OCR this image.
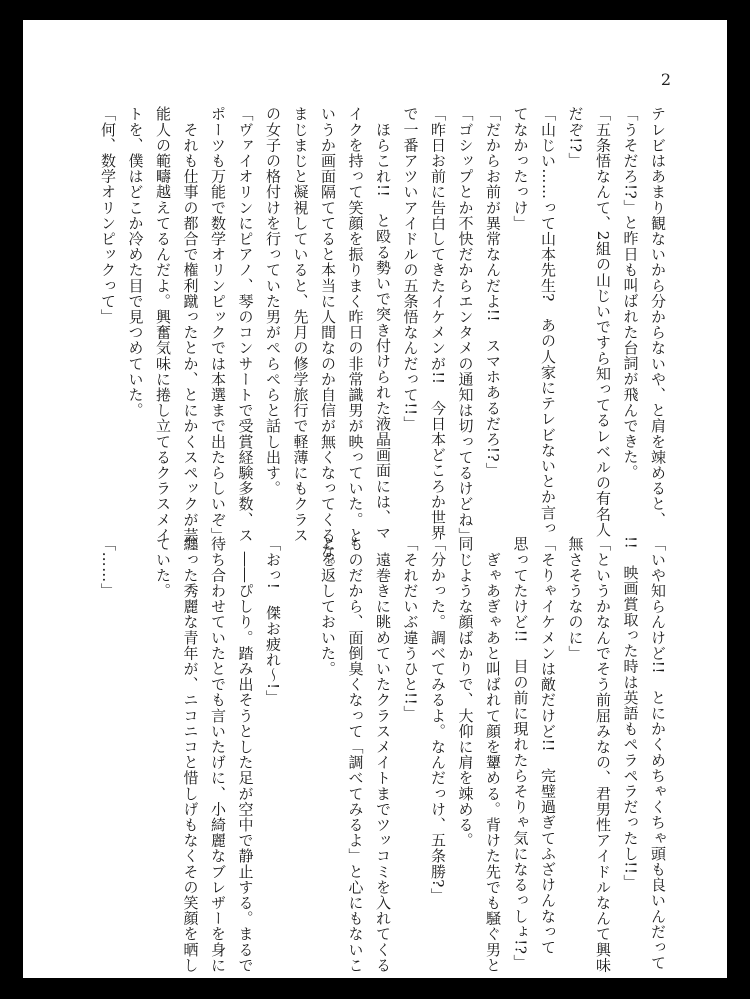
2
テレビはあまり観ないから分からないや、と肩を竦めると、
「うそだろ!?」と昨日も叫ばれた台詞が飛んできた。
「五条悟なんて、2組の山じいですら知ってるレベルの有名人
だぞ!?」
「山じい……って山本先生?　あの人家にテレビないとか言っ
てなかったっけ」
「だからお前が異常なんだよ!!　スマホあるだろ!?」
「ゴシップとか不快だからエンタメの通知は切ってるけどね」
「昨日お前に告白してきたイケメンが!!　今日本どころか世界
で一番アツいアイドルの五条悟なんだって!!」
　ほらこれ!!　と殴る勢いで突き付けられた液晶画面には、マ
イクを持って笑顔を振りまく昨日の非常識男が映っていた。と
いうか画面隔ててると本当に人間なのか自信が無くなってくるな。
まじまじと凝視していると、先月の修学旅行で軽薄にもクラス
の女子の格付けを行っていた男がぺらぺらと話し出す。
「ヴァイオリンにピアノ、琴のコンサートで受賞経験多数、ス
ポーツも万能で数学オリンピックでは本選まで出たらしいぞ」
　それも仕事の都合で権利蹴ったとか、とにかくスペックが芸
能人の範疇越えてるんだよ。興奮気味に捲し立てるクラスメイ
トを、僕はどこか冷めた目で見つめていた。
「何、数学オリンピックって」
「いや知らんけど!!　とにかくめちゃくちゃ頭も良いんだって
!!　映画賞取った時は英語もペラペラだったし!!」
「というかなんでそう前屈みなの、君男性アイドルなんて興味
無さそうなのに」
「そりゃイケメンは敵だけど!!　完璧過ぎてふざけんなって
思ってたけど!!　目の前に現れたらそりゃ気になるっしょ!?」
　ぎゃあぎゃあと叫ばれて顔を顰める。背けた先でも騒ぐ男と
同じような顔ばかりで、大仰に肩を竦める。
「分かった。調べてみるよ。なんだっけ、五条勝?」
「それだいぶ違うひと!!」
　遠巻きに眺めていたクラスメイトまでツッコミを入れてくる
ものだから、面倒臭くなって「調べてみるよ」と心にもないこ
とを返しておいた。
「おっ!　傑お疲れ～!」
　――ぴしり。踏み出そうとした足が空中で静止する。まるで
待ち合わせていたとでも言いたげに、小綺麗なブレザーを身に
纏った秀麗な青年が、ニコニコと惜しげもなくその笑顔を晒し
ていた。
「……」
